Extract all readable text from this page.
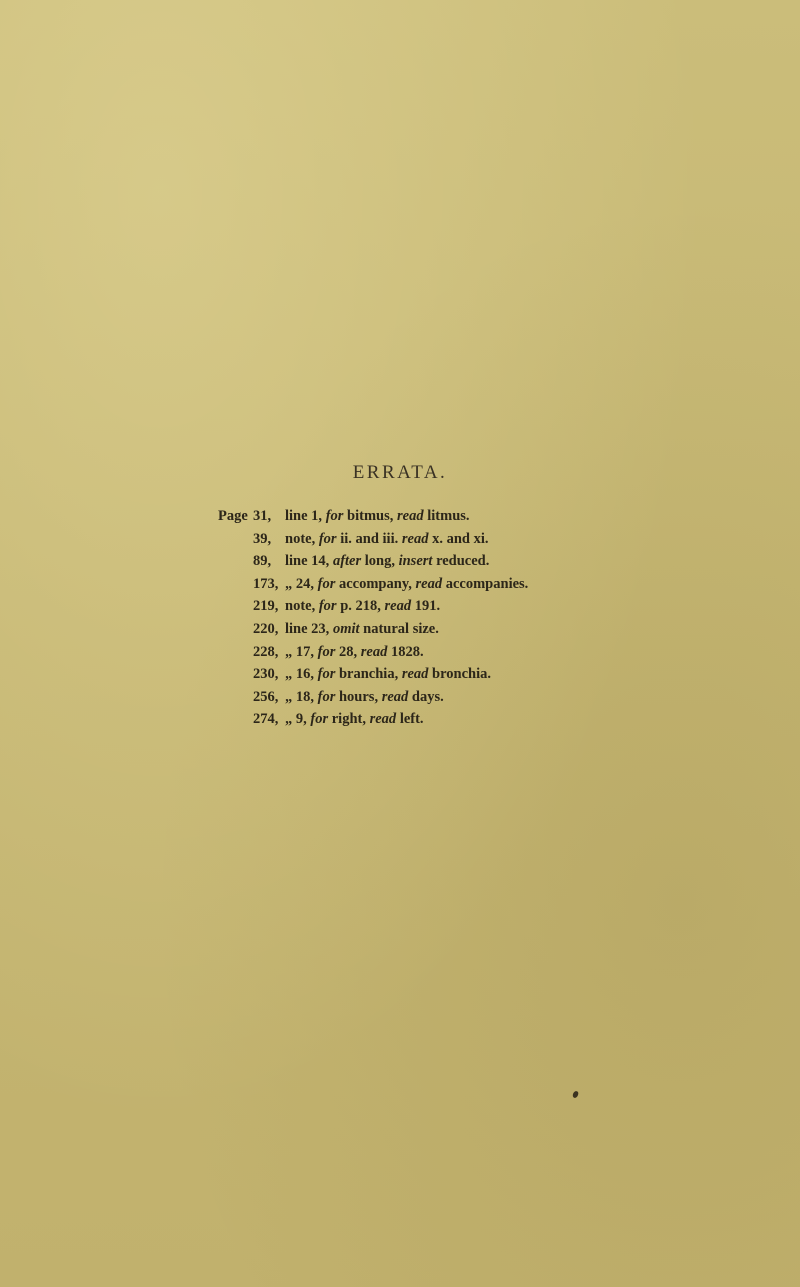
ERRATA.
Page 31, line 1, for bitmus, read litmus.
39, note, for ii. and iii. read x. and xi.
89, line 14, after long, insert reduced.
173, „ 24, for accompany, read accompanies.
219, note, for p. 218, read 191.
220, line 23, omit natural size.
228, „ 17, for 28, read 1828.
230, „ 16, for branchia, read bronchia.
256, „ 18, for hours, read days.
274, „ 9, for right, read left.
